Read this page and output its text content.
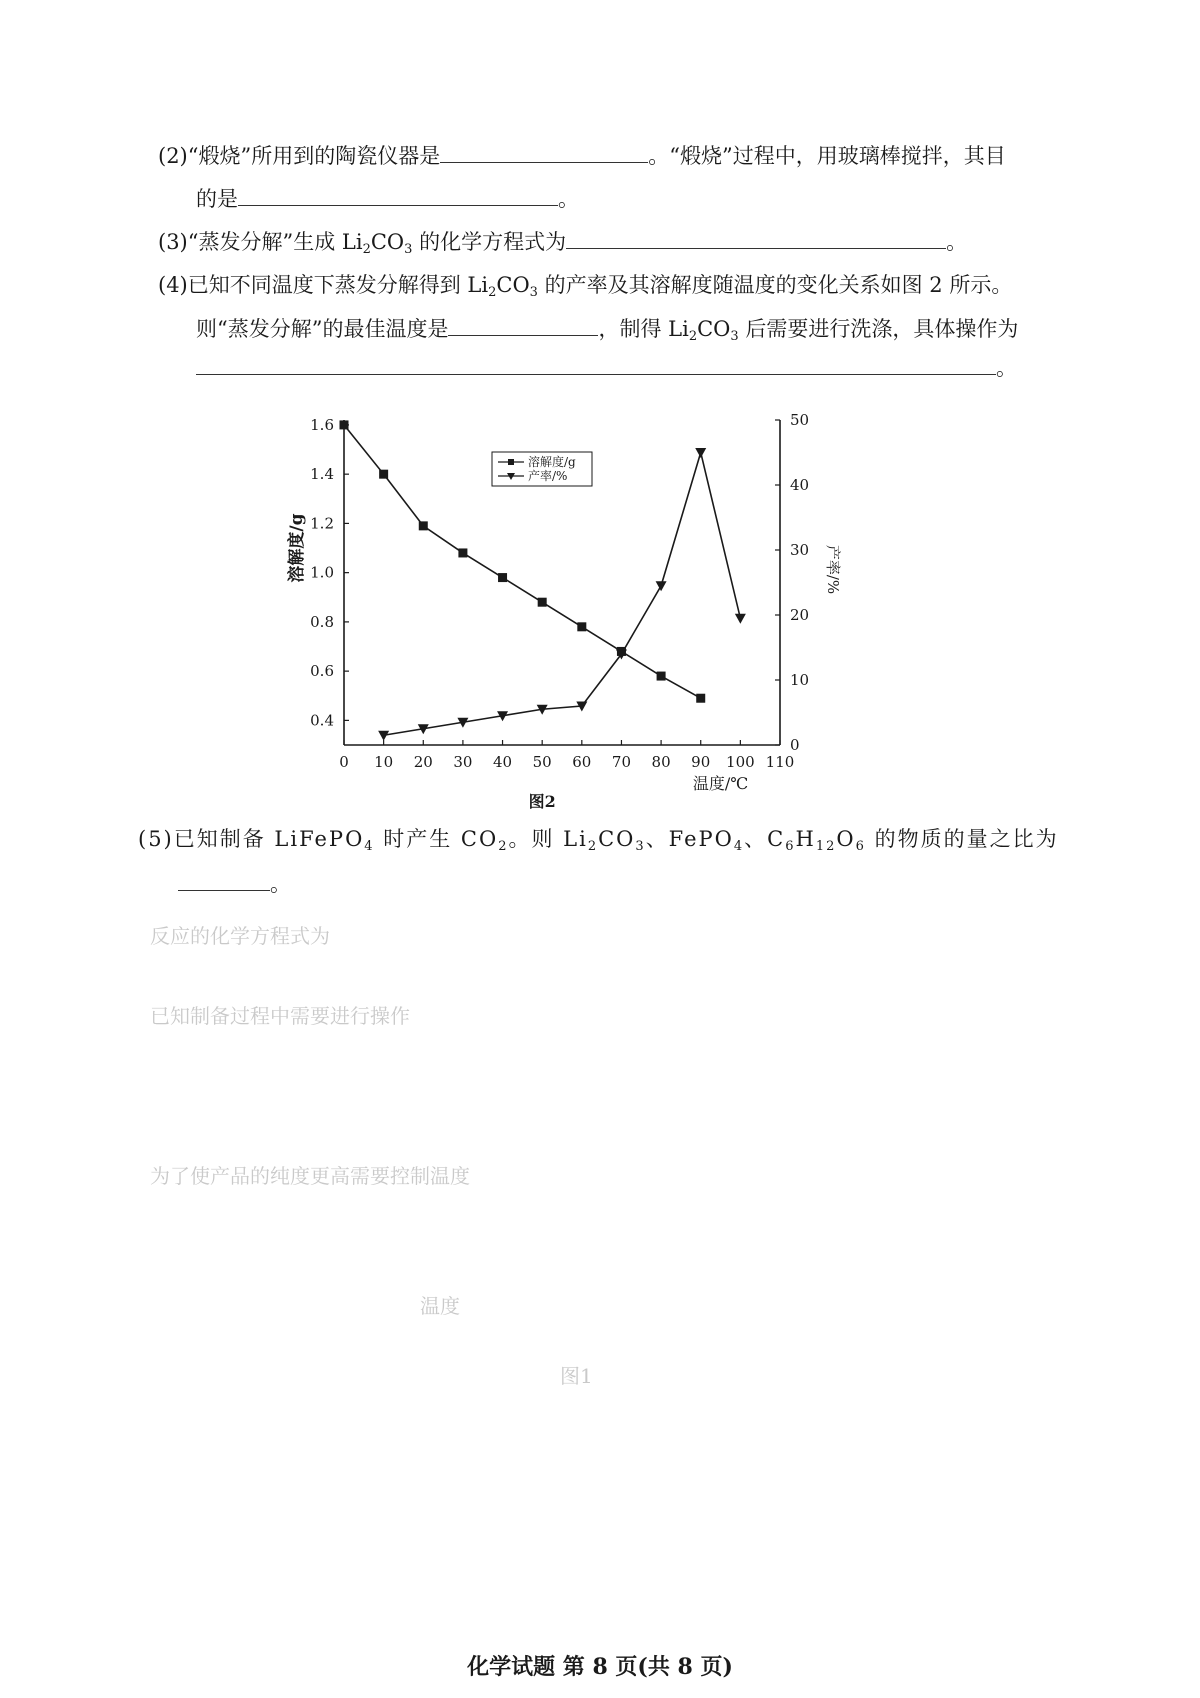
反应的化学方程式为
已知制备过程中需要进行操作
为了使产品的纯度更高需要控制温度
温度
图1
(2)“煅烧”所用到的陶瓷仪器是	。“煅烧”过程中，用玻璃棒搅拌，其目
的是	。
(3)“蒸发分解”生成 $Li_2CO_3$ 的化学方程式为	。
(4)已知不同温度下蒸发分解得到 $Li_2CO_3$ 的产率及其溶解度随温度的变化关系如图 2 所示。
则“蒸发分解”的最佳温度是	，制得 $Li_2CO_3$ 后需要进行洗涤，具体操作为
。
0 10 20 30 40 50 60 70 80 90 100 110
0.4
0.6
0.8
1.0
1.2
1.4
1.6
0
10
20
30
40
50
溶解度/g
产率/%
溶解度/g	产率/%
温度/℃
图2
(5)已知制备 LiFePO$_4$ 时产生 $CO_2$。则 $Li_2CO_3$、FePO$_4$、$C_6H_{12}O_6$ 的物质的量之比为
。
化学试题 第 8 页(共 8 页)
